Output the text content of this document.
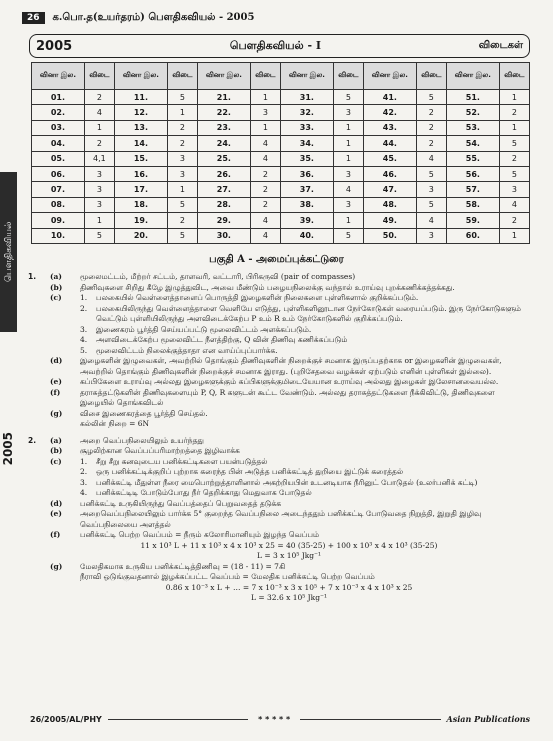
26	க.பொ.த(உயர்தரம்) பௌதிகவியல் - 2005
2005	பௌதிகவியல் - I	விடைகள்
வினா இல.	விடை	வினா இல.	விடை	வினா இல.	விடை	வினா இல.	விடை	வினா இல.	விடை	வினா இல.	விடை
01.	2	11.	5	21.	1	31.	5	41.	5	51.	1
02.	4	12.	1	22.	3	32.	3	42.	2	52.	2
03.	1	13.	2	23.	1	33.	1	43.	2	53.	1
04.	2	14.	2	24.	4	34.	1	44.	2	54.	5
05.	4,1	15.	3	25.	4	35.	1	45.	4	55.	2
06.	3	16.	3	26.	2	36.	3	46.	5	56.	5
07.	3	17.	1	27.	2	37.	4	47.	3	57.	3
08.	3	18.	5	28.	2	38.	3	48.	5	58.	4
09.	1	19.	2	29.	4	39.	1	49.	4	59.	2
10.	5	20.	5	30.	4	40.	5	50.	3	60.	1
பௌதிகவியல்
2005
பகுதி A - அமைப்புக்கட்டுரை
1.	(a)	மூலைமட்டம், மீற்றர் சட்டம், தாளவரி, வட்டாரி, பிரிகருவி (pair of compasses)
(b)	திணிவுகளை சிறிது கீழே இழுத்துவிட, அவை மீண்டும் பழையநிலைக்கு வந்தால் உராய்வு புறக்கணிக்கத்தக்கது.
(c)	1.	பலகையில் வெள்ளைத்தாளைப் பொருத்தி இழைகளின் நிலைகளை புள்ளிகளால் குறிக்கப்படும்.
2.	பலகையிலிருந்து வெள்ளைத்தாளை வெளியே எடுத்து, புள்ளிகளினூடான நேர்கோடுகள் வரையப்படும். இரு நேர்கோடுகளும் வெட்டும் புள்ளியிலிருந்து அளவிடைக்கேற்ப P உம் R உம் நேர்கோடுகளில் குறிக்கப்படும்.
3.	இணைகரம் பூர்த்தி செய்யப்பட்டு மூலைவிட்டம் அளக்கப்படும்.
4.	அளவிடைக்கேற்ப மூலைவிட்ட நீளத்திற்கு, Q வின் திணிவு கணிக்கப்படும்
5.	மூலைவிட்டம் நிலைக்குத்தாதா என வாய்ப்புப்பார்க்க.
(d)	இழைகளின் இழுவைகள், அவற்றில் தொங்கும் திணிவுகளின் நிறைக்குச் சமனாக இருப்பதற்காக or இழைகளின் இழுவைகள், அவற்றில் தொங்கும் திணிவுகளின் நிறைக்குச் சமனாக இராது. (புறிசேதவை வழக்கள் ஏற்படும் எனின் புள்ளிகள் இல்லை).
(e)	கப்பிகேளை உராய்வு அல்லது இழைகளுக்கும் கப்பிகளுக்குமிடையேயான உராய்வு அல்லது இழைகள் இலேசானவையல்ல.
(f)	தராசுத்தட்டுகளின் திணிவுகளையும் P, Q, R களுடன் கூட்ட வேண்டும். அல்லது தராசுத்தட்டுகளை நீக்கிவிட்டு, திணிவுகளை இழையில் தொங்கவிடல்
(g)	விசை இணைகரத்தை பூர்த்தி செய்தல்.
கல்லின் நிறை = 6N
2.	(a)	அறை வெப்பநிலையிலும் உயர்ந்தது
(b)	சூழலிற்கான வெப்பப்பரிமாற்றத்தை இழிவாக்க
(c)	1.	சீறு சீறு கனவுடைய பனிக்கட்டிகளை பயன்படுத்தல்
2.	ஒரு பனிக்கட்டிக்குறிப் புற்றாக கரைந்த பின் அடுத்த பனிக்கட்டித் துறியை இட்டுக் கரைத்தல்
3.	பனிக்கட்டி மீதுள்ள நீரை மைபொற்றுத்தாளினால் அகற்றியபின் உடனடியாக நீரினுட் போடுதல் (உலர்பனிக் கட்டி)
4.	பனிக்கட்டிடி போடும்போது நீர் தெறிக்காது மெதுவாக போடுதல்
(d)	பனிக்கட்டி உருகியிருந்து வெப்பத்தைப் பெறுவதைத் தடுக்க
(e)	அறைவெப்பநிலையிலும் பார்க்க 5° குறைந்த வெப்பநிலை அடைந்ததும் பனிக்கட்டி போடுவதை நிறுத்தி, இறுதி இழிவு வெப்பநிலையை அளத்தல்
(f)	பனிக்கட்டி பெற்ற வெப்பம் = நீரும் கலோரிமானியும் இழந்த வெப்பம்
11 x 10³ L + 11 x 10³ x 4 x 10³ x 25 = 40 (35-25) + 100 x 10³ x 4 x 10³ (35-25)
L = 3 x 10⁵ Jkg⁻¹
(g)	மேலதிகமாக உருகிய பனிக்கட்டித்திணிவு = (18 - 11) = 7கி
நீராவி ஒடுங்குவதனால் இழக்கப்பட்ட வெப்பம் = மேலதிக பனிக்கட்டி பெற்ற வெப்பம்
0.86 x 10⁻³ x L + … = 7 x 10⁻³ x 3 x 10⁵ + 7 x 10⁻³ x 4 x 10³ x 25
L = 32.6 x 10⁵ Jkg⁻¹
26/2005/AL/PHY	* * * * *	Asian Publications
